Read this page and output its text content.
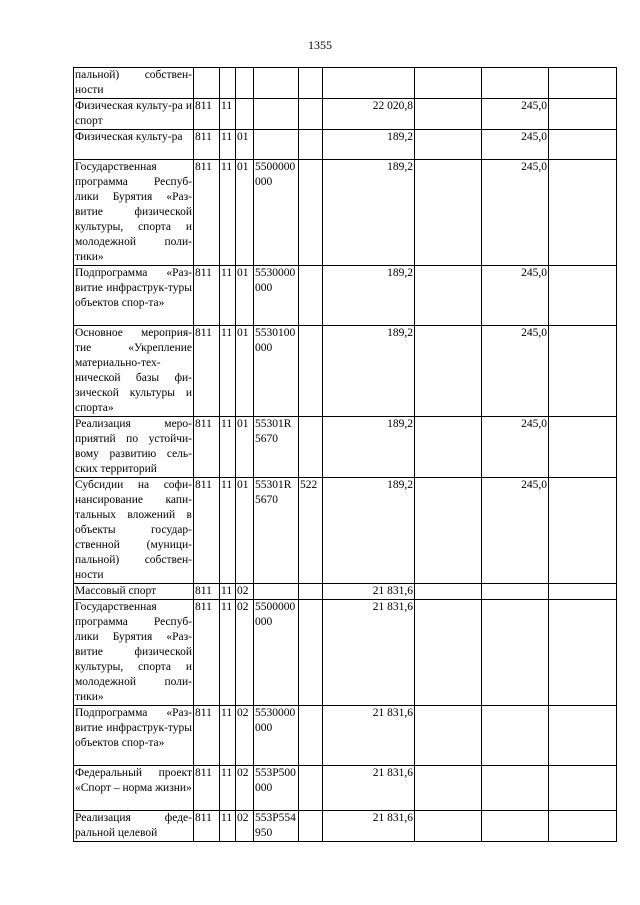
1355
пальной) собствен-ности									
Физическая культу-ра и спорт	811	11				22 020,8		245,0	
Физическая культу-ра	811	11	01			189,2		245,0	
Государственная программа Респуб-лики Бурятия «Раз-витие физической культуры, спорта и молодежной поли-тики»	811	11	01	5500000000		189,2		245,0	
Подпрограмма «Раз-витие инфраструк-туры объектов спор-та»	811	11	01	5530000000		189,2		245,0	
Основное мероприя-тие «Укрепление материально-тех-нической базы фи-зической культуры и спорта»	811	11	01	5530100000		189,2		245,0	
Реализация меро-приятий по устойчи-вому развитию сель-ских территорий	811	11	01	55301R5670		189,2		245,0	
Субсидии на софи-нансирование капи-тальных вложений в объекты государ-ственной (муници-пальной) собствен-ности	811	11	01	55301R5670	522	189,2		245,0	
Массовый спорт	811	11	02			21 831,6			
Государственная программа Респуб-лики Бурятия «Раз-витие физической культуры, спорта и молодежной поли-тики»	811	11	02	5500000000		21 831,6			
Подпрограмма «Раз-витие инфраструк-туры объектов спор-та»	811	11	02	5530000000		21 831,6			
Федеральный проект «Спорт – норма жизни»	811	11	02	553P500000		21 831,6			
Реализация феде-ральной целевой	811	11	02	553P554950		21 831,6			
